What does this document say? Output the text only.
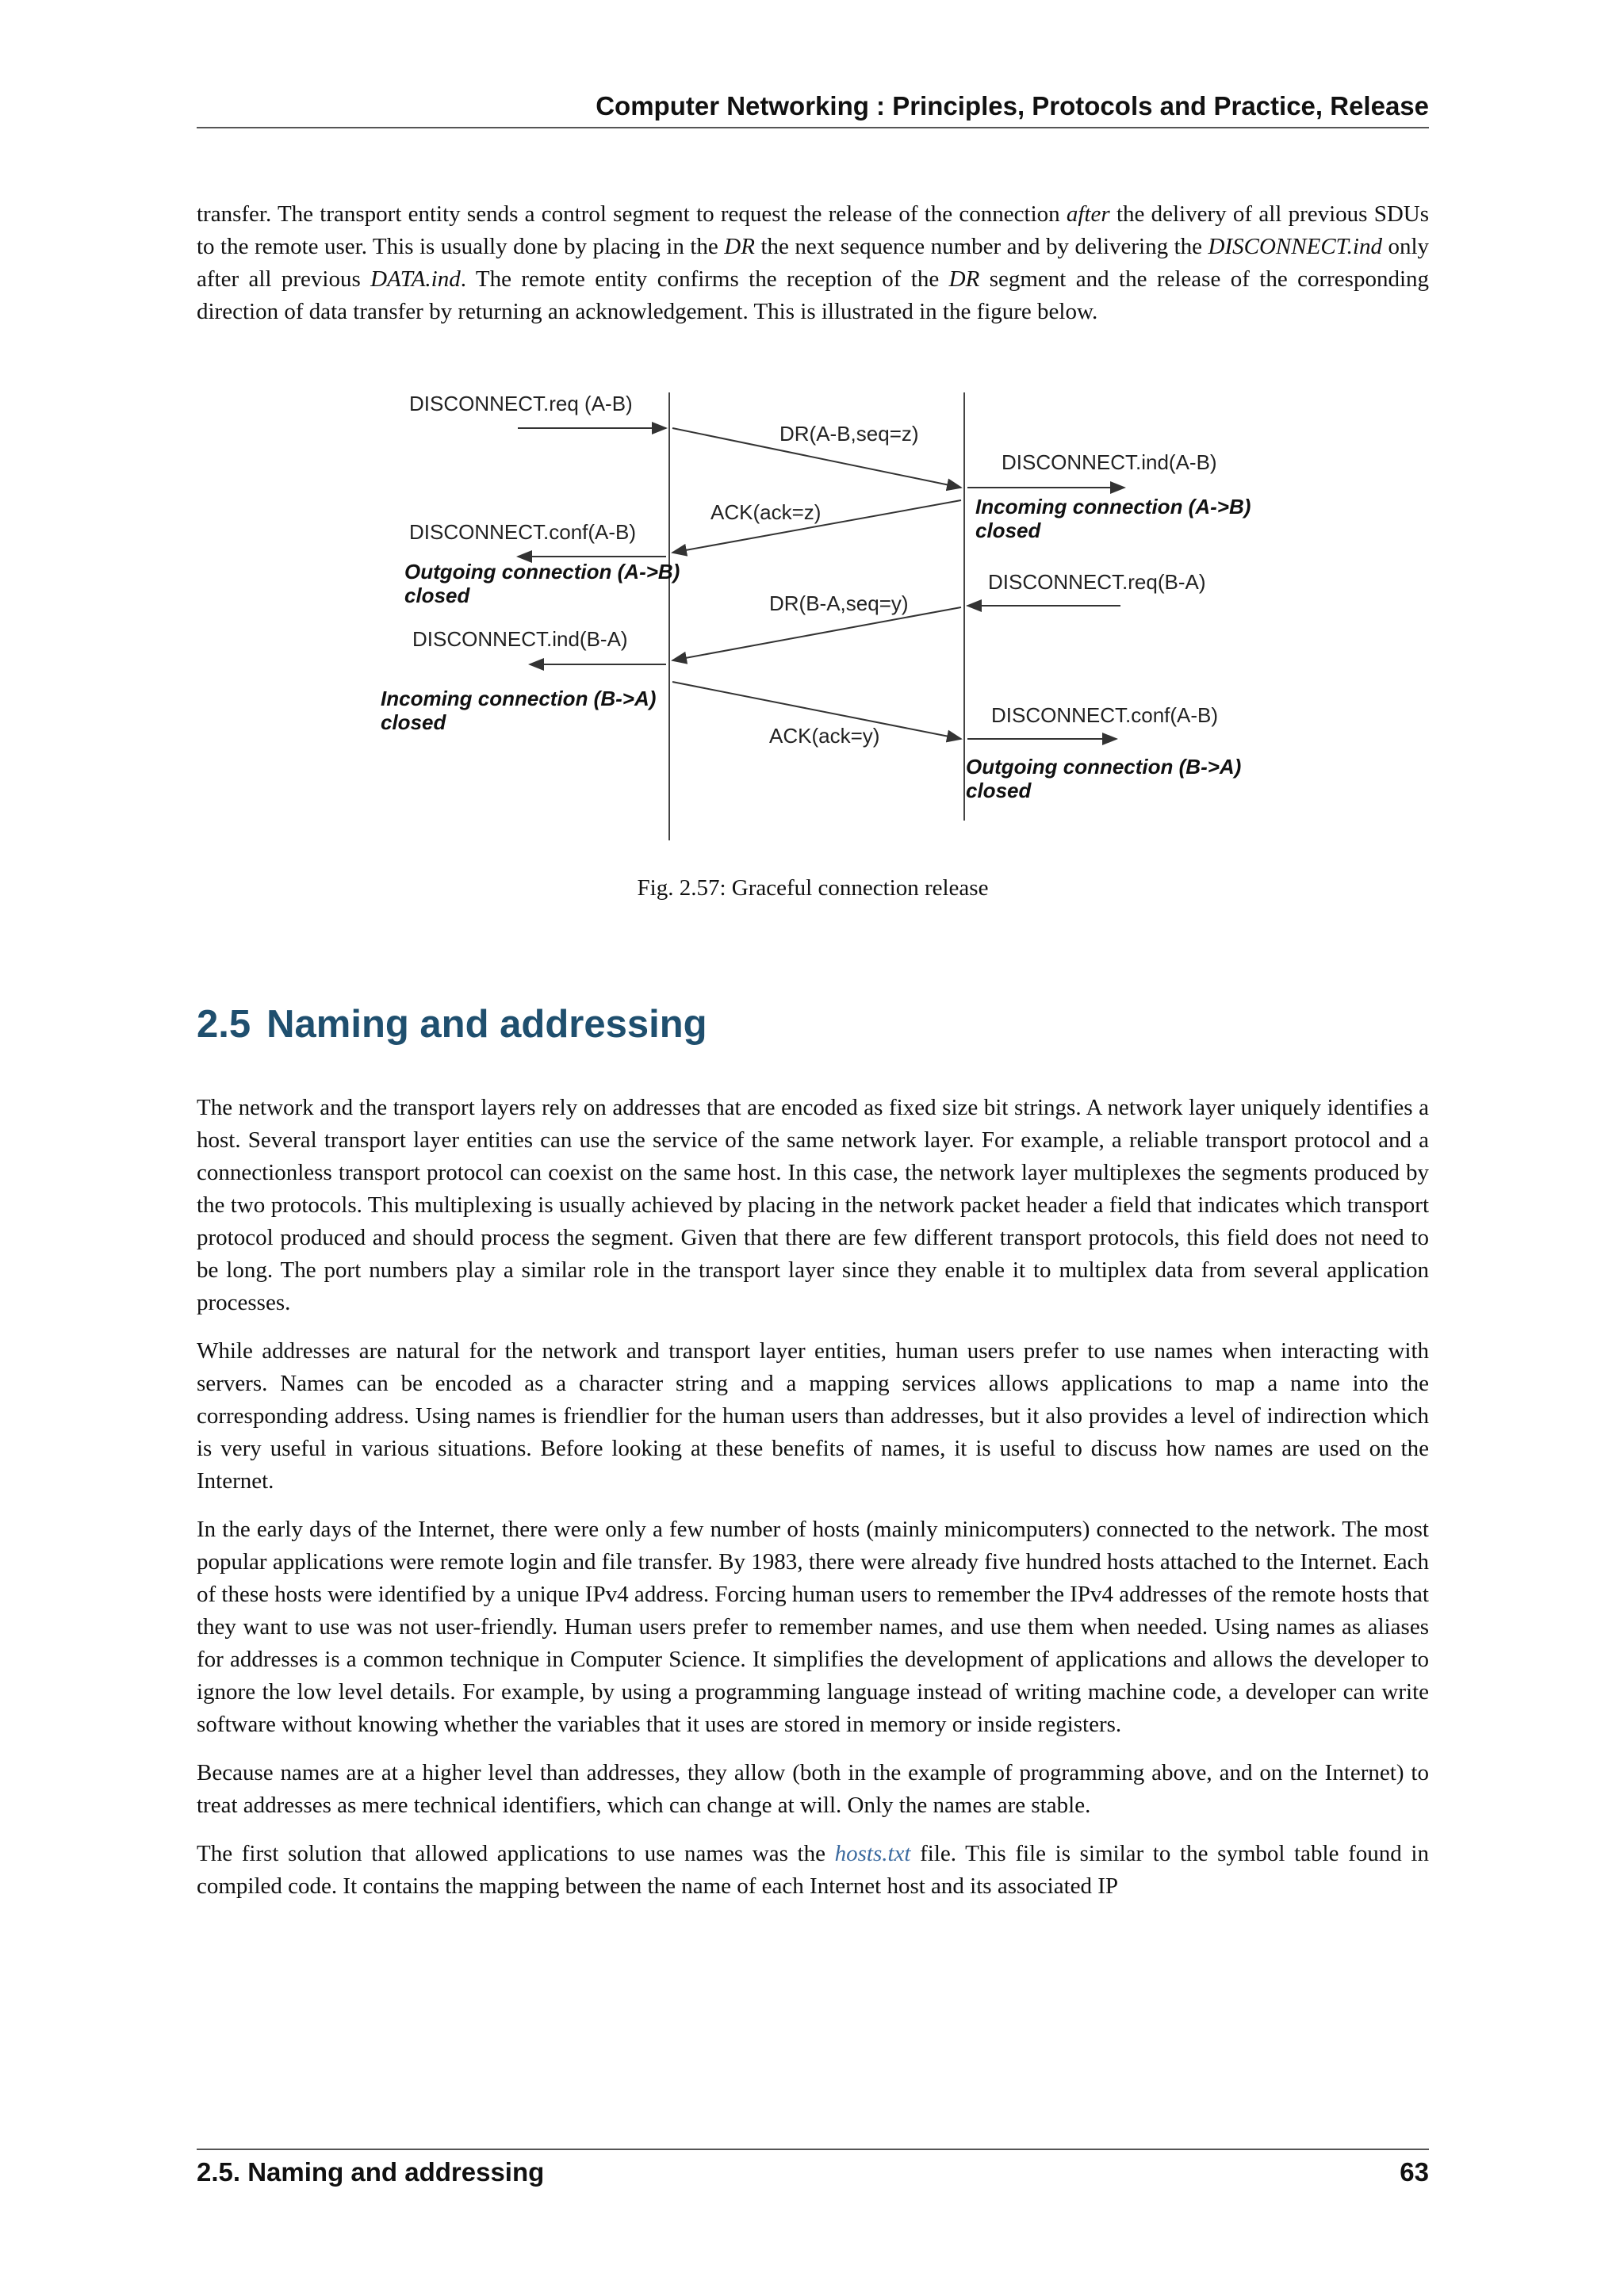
Computer Networking : Principles, Protocols and Practice, Release

transfer. The transport entity sends a control segment to request the release of the connection after the delivery of all previous SDUs to the remote user. This is usually done by placing in the DR the next sequence number and by delivering the DISCONNECT.ind only after all previous DATA.ind. The remote entity confirms the reception of the DR segment and the release of the corresponding direction of data transfer by returning an acknowledgement. This is illustrated in the figure below.

DISCONNECT.req (A-B)
DR(A-B,seq=z)
DISCONNECT.ind(A-B)
ACK(ack=z)
DISCONNECT.conf(A-B)
Incoming connection (A->B)
closed
Outgoing connection (A->B)
closed	DR(B-A,seq=y)
DISCONNECT.req(B-A)
DISCONNECT.ind(B-A)
Incoming connection (B->A)
closed
ACK(ack=y)
DISCONNECT.conf(A-B)
Outgoing connection (B->A)
closed
Fig. 2.57: Graceful connection release
2.5 Naming and addressing

The network and the transport layers rely on addresses that are encoded as fixed size bit strings. A network layer uniquely identifies a host. Several transport layer entities can use the service of the same network layer. For example, a reliable transport protocol and a connectionless transport protocol can coexist on the same host. In this case, the network layer multiplexes the segments produced by the two protocols. This multiplexing is usually achieved by placing in the network packet header a field that indicates which transport protocol produced and should process the segment. Given that there are few different transport protocols, this field does not need to be long. The port numbers play a similar role in the transport layer since they enable it to multiplex data from several application processes.

While addresses are natural for the network and transport layer entities, human users prefer to use names when interacting with servers. Names can be encoded as a character string and a mapping services allows applications to map a name into the corresponding address. Using names is friendlier for the human users than addresses, but it also provides a level of indirection which is very useful in various situations. Before looking at these benefits of names, it is useful to discuss how names are used on the Internet.

In the early days of the Internet, there were only a few number of hosts (mainly minicomputers) connected to the network. The most popular applications were remote login and file transfer. By 1983, there were already five hundred hosts attached to the Internet. Each of these hosts were identified by a unique IPv4 address. Forcing human users to remember the IPv4 addresses of the remote hosts that they want to use was not user-friendly. Human users prefer to remember names, and use them when needed. Using names as aliases for addresses is a common technique in Computer Science. It simplifies the development of applications and allows the developer to ignore the low level details. For example, by using a programming language instead of writing machine code, a developer can write software without knowing whether the variables that it uses are stored in memory or inside registers.

Because names are at a higher level than addresses, they allow (both in the example of programming above, and on the Internet) to treat addresses as mere technical identifiers, which can change at will. Only the names are stable.

The first solution that allowed applications to use names was the hosts.txt file. This file is similar to the symbol table found in compiled code. It contains the mapping between the name of each Internet host and its associated IP

2.5. Naming and addressing	63
